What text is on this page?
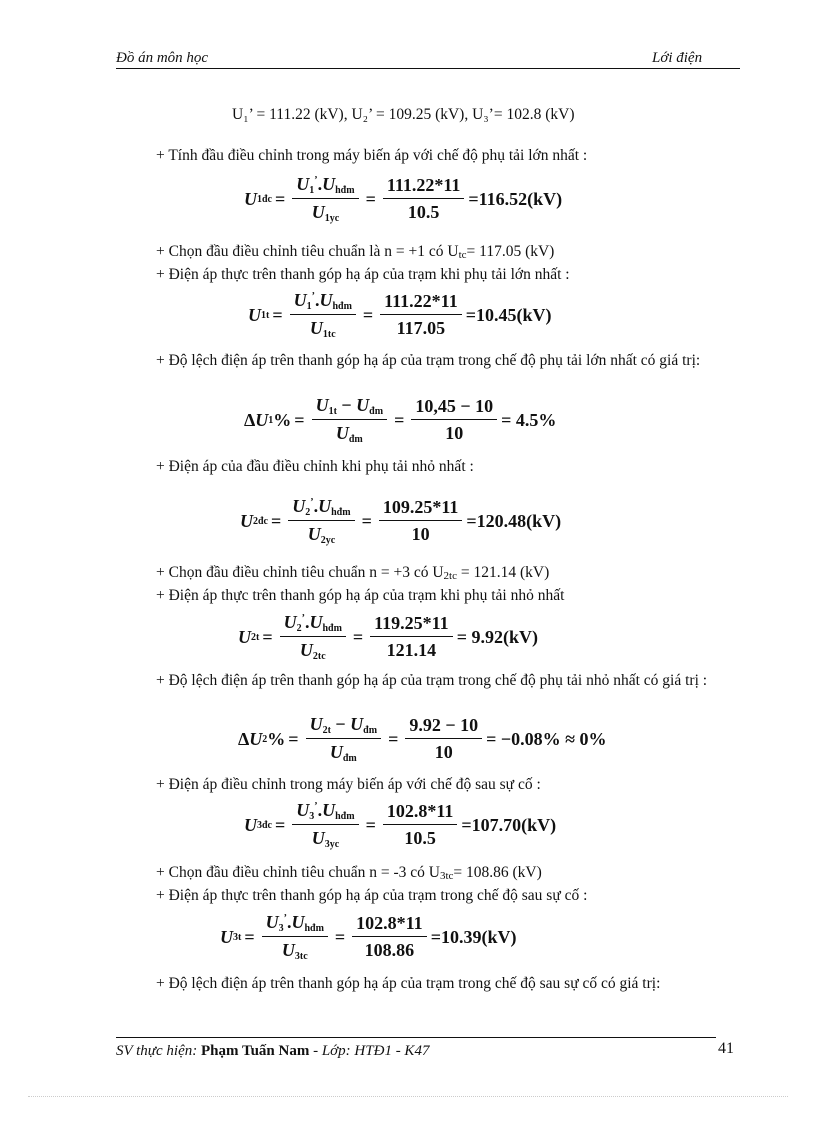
Đồ án môn học	Lới điện
U₁’ = 111.22 (kV), U₂’ = 109.25 (kV), U₃’= 102.8 (kV)
+ Tính đầu điều chỉnh trong máy biến áp với chế độ phụ tải lớn nhất :
U 1đc = $\frac{U_1^’.U_{hđm}}{U_{1yc}} = \frac{111.22*11}{10.5} =116.52(kV)$
+ Chọn đầu điều chỉnh tiêu chuẩn là n = +1 có Utc= 117.05 (kV)
+ Điện áp thực trên thanh góp hạ áp của trạm khi phụ tải lớn nhất :
U $1t = \frac{U_1^’.U_{hđm}}{U_{1tc}} = \frac{111.22*11}{117.05} =10.45(kV)$
+ Độ lệch điện áp trên thanh góp hạ áp của trạm trong chế độ phụ tải lớn nhất có giá trị:
Δ U 1 % = $\frac{U_{1t} - U_{đm}}{U_{đm}} = \frac{10,45 - 10}{10} = 4.5\%$
+ Điện áp của đầu điều chỉnh khi phụ tải nhỏ nhất :
U 2đc = $\frac{U_2^’.U_{hđm}}{U_{2yc}} = \frac{109.25*11}{10} =120.48(kV)$
+ Chọn đầu điều chỉnh tiêu chuẩn n = +3 có U2tc = 121.14 (kV)
+ Điện áp thực trên thanh góp hạ áp của trạm khi phụ tải nhỏ nhất
U $2t = \frac{U_2^’.U_{hđm}}{U_{2tc}} = \frac{119.25*11}{121.14} = 9.92(kV)$
+ Độ lệch điện áp trên thanh góp hạ áp của trạm trong chế độ phụ tải nhỏ nhất có giá trị :
Δ U 2 % = $\frac{U_{2t} - U_{đm}}{U_{đm}} = \frac{9.92 - 10}{10} = -0.08\% \approx 0\%$
+ Điện áp điều chỉnh trong máy biến áp với chế độ sau sự cố :
U 3đc = $\frac{U_3^’.U_{hđm}}{U_{3yc}} = \frac{102.8*11}{10.5} =107.70(kV)$
+ Chọn đầu điều chỉnh tiêu chuẩn n = -3 có U3tc= 108.86 (kV)
+ Điện áp thực trên thanh góp hạ áp của trạm trong chế độ sau sự cố :
U $3t = \frac{U_3^’.U_{hđm}}{U_{3tc}} = \frac{102.8*11}{108.86} =10.39(kV)$
+ Độ lệch điện áp trên thanh góp hạ áp của trạm trong chế độ sau sự cố có giá trị:
SV thực hiện: Phạm Tuấn Nam - Lớp: HTĐ1 - K47	41
